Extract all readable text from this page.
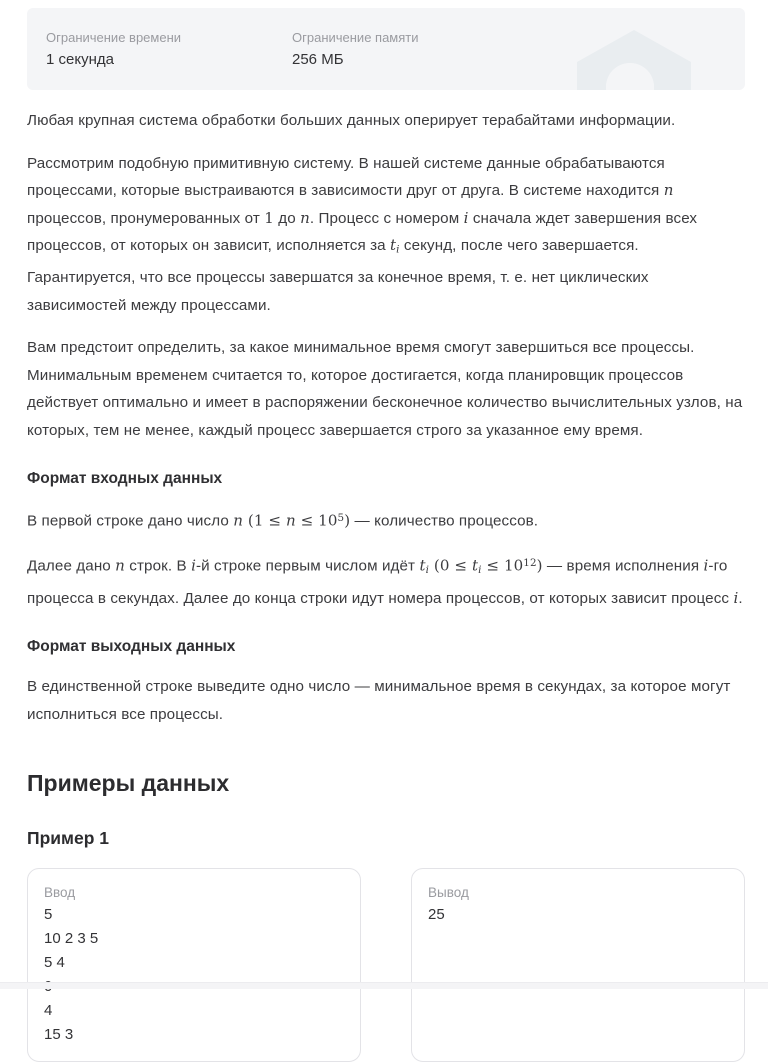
Ограничение времени
1 секунда
Ограничение памяти
256 МБ

Любая крупная система обработки больших данных оперирует терабайтами информации.

Рассмотрим подобную примитивную систему. В нашей системе данные обрабатываются процессами, которые выстраиваются в зависимости друг от друга. В системе находится n процессов, пронумерованных от 1 до n. Процесс с номером i сначала ждет завершения всех процессов, от которых он зависит, исполняется за ti секунд, после чего завершается. Гарантируется, что все процессы завершатся за конечное время, т. е. нет циклических зависимостей между процессами.

Вам предстоит определить, за какое минимальное время смогут завершиться все процессы. Минимальным временем считается то, которое достигается, когда планировщик процессов действует оптимально и имеет в распоряжении бесконечное количество вычислительных узлов, на которых, тем не менее, каждый процесс завершается строго за указанное ему время.

Формат входных данных

В первой строке дано число n $(1 \le n \le 10^5)$ — количество процессов.

Далее дано n строк. В i-й строке первым числом идёт ti (0 ≤ ti ≤ $10^{12}$) — время исполнения i-го процесса в секундах. Далее до конца строки идут номера процессов, от которых зависит процесс i.

Формат выходных данных

В единственной строке выведите одно число — минимальное время в секундах, за которое могут исполниться все процессы.

Примеры данных
Пример 1
Ввод
5
10 2 3 5
5 4
4
15 3
Вывод
25
